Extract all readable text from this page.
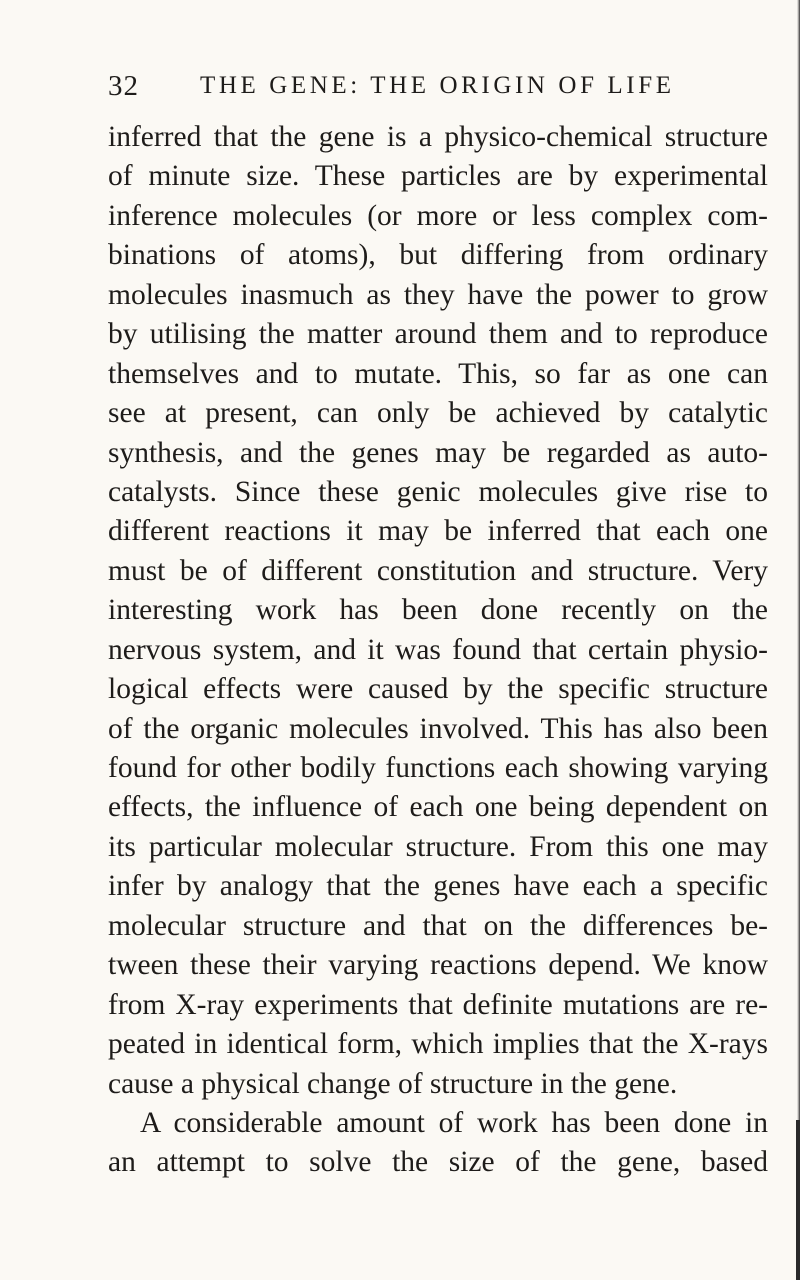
32 THE GENE: THE ORIGIN OF LIFE
inferred that the gene is a physico-chemical structure
of minute size. These particles are by experimental
inference molecules (or more or less complex com-
binations of atoms), but differing from ordinary
molecules inasmuch as they have the power to grow
by utilising the matter around them and to reproduce
themselves and to mutate. This, so far as one can
see at present, can only be achieved by catalytic
synthesis, and the genes may be regarded as auto-
catalysts. Since these genic molecules give rise to
different reactions it may be inferred that each one
must be of different constitution and structure. Very
interesting work has been done recently on the
nervous system, and it was found that certain physio-
logical effects were caused by the specific structure
of the organic molecules involved. This has also been
found for other bodily functions each showing varying
effects, the influence of each one being dependent on
its particular molecular structure. From this one may
infer by analogy that the genes have each a specific
molecular structure and that on the differences be-
tween these their varying reactions depend. We know
from X-ray experiments that definite mutations are re-
peated in identical form, which implies that the X-rays
cause a physical change of structure in the gene.
A considerable amount of work has been done in
an attempt to solve the size of the gene, based
